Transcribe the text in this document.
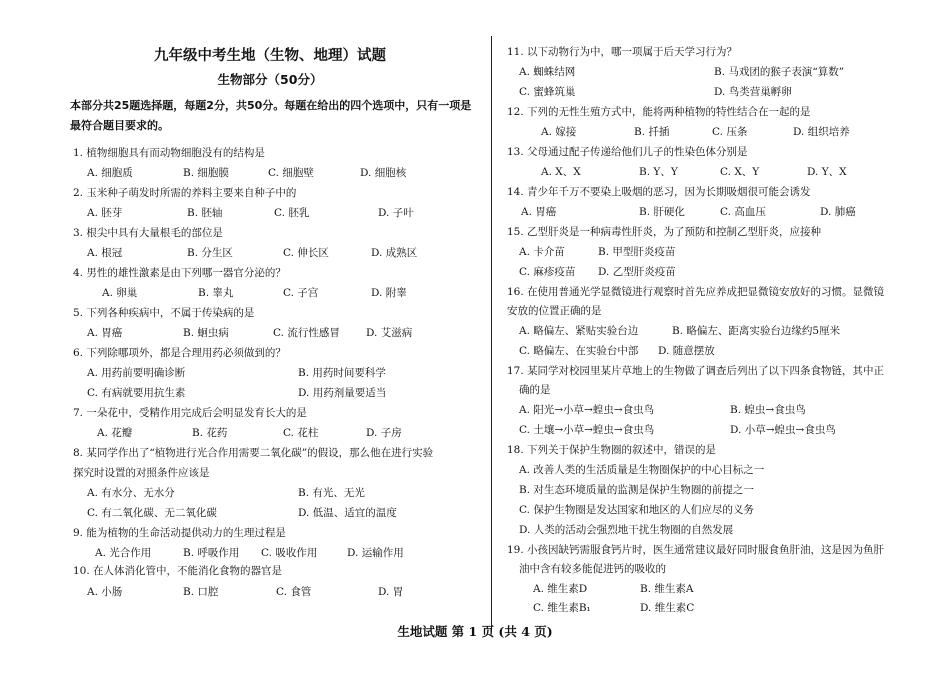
九年级中考生地（生物、地理）试题
生物部分（50分）
本部分共25题选择题，每题2分，共50分。每题在给出的四个选项中，只有一项是最符合题目要求的。
1. 植物细胞具有而动物细胞没有的结构是
A. 细胞质	B. 细胞膜	C. 细胞壁	D. 细胞核
2. 玉米种子萌发时所需的养料主要来自种子中的
A. 胚芽	B. 胚轴	C. 胚乳	D. 子叶
3. 根尖中具有大量根毛的部位是
A. 根冠	B. 分生区	C. 伸长区	D. 成熟区
4. 男性的雄性激素是由下列哪一器官分泌的？
A. 卵巢	B. 睾丸	C. 子宫	D. 附睾
5. 下列各种疾病中，不属于传染病的是
A. 胃癌	B. 蛔虫病	C. 流行性感冒 D. 艾滋病
6. 下列除哪项外，都是合理用药必须做到的？
A. 用药前要明确诊断	B. 用药时间要科学
C. 有病就要用抗生素	D. 用药剂量要适当
7. 一朵花中，受精作用完成后会明显发育长大的是
A. 花瓣	B. 花药	C. 花柱	D. 子房
8. 某同学作出了“植物进行光合作用需要二氧化碳”的假设，那么他在进行实验
探究时设置的对照条件应该是
A. 有水分、无水分	B. 有光、无光
C. 有二氧化碳、无二氧化碳	D. 低温、适宜的温度
9. 能为植物的生命活动提供动力的生理过程是
A. 光合作用	B. 呼吸作用 C. 吸收作用	D. 运输作用
10. 在人体消化管中，不能消化食物的器官是
A. 小肠	B. 口腔	C. 食管	D. 胃
11. 以下动物行为中，哪一项属于后天学习行为？
A. 蜘蛛结网	B. 马戏团的猴子表演“算数”
C. 蜜蜂筑巢	D. 鸟类营巢孵卵
12. 下列的无性生殖方式中，能将两种植物的特性结合在一起的是
A. 嫁接	B. 扦插	C. 压条	D. 组织培养
13. 父母通过配子传递给他们儿子的性染色体分别是
A. X、X	B. Y、Y	C. X、Y	D. Y、X
14. 青少年千万不要染上吸烟的恶习，因为长期吸烟很可能会诱发
A. 胃癌	B. 肝硬化	C. 高血压	D. 肺癌
15. 乙型肝炎是一种病毒性肝炎，为了预防和控制乙型肝炎，应接种
A. 卡介苗	B. 甲型肝炎疫苗
C. 麻疹疫苗 D. 乙型肝炎疫苗
16. 在使用普通光学显微镜进行观察时首先应养成把显微镜安放好的习惯。显微镜
安放的位置正确的是
A. 略偏左、紧贴实验台边	B. 略偏左、距离实验台边缘约5厘米
C. 略偏左、在实验台中部 D. 随意摆放
17. 某同学对校园里某片草地上的生物做了调查后列出了以下四条食物链，其中正
确的是
A. 阳光→小草→蝗虫→食虫鸟	B. 蝗虫→食虫鸟
C. 土壤→小草→蝗虫→食虫鸟	D. 小草→蝗虫→食虫鸟
18. 下列关于保护生物圈的叙述中，错误的是
A. 改善人类的生活质量是生物圈保护的中心目标之一
B. 对生态环境质量的监测是保护生物圈的前提之一
C. 保护生物圈是发达国家和地区的人们应尽的义务
D. 人类的活动会强烈地干扰生物圈的自然发展
19. 小孩因缺钙需服食钙片时，医生通常建议最好同时服食鱼肝油，这是因为鱼肝
油中含有较多能促进钙的吸收的
A. 维生素D	B. 维生素A
C. 维生素B₁	D. 维生素C
生地试题 第 1 页 (共 4 页)
